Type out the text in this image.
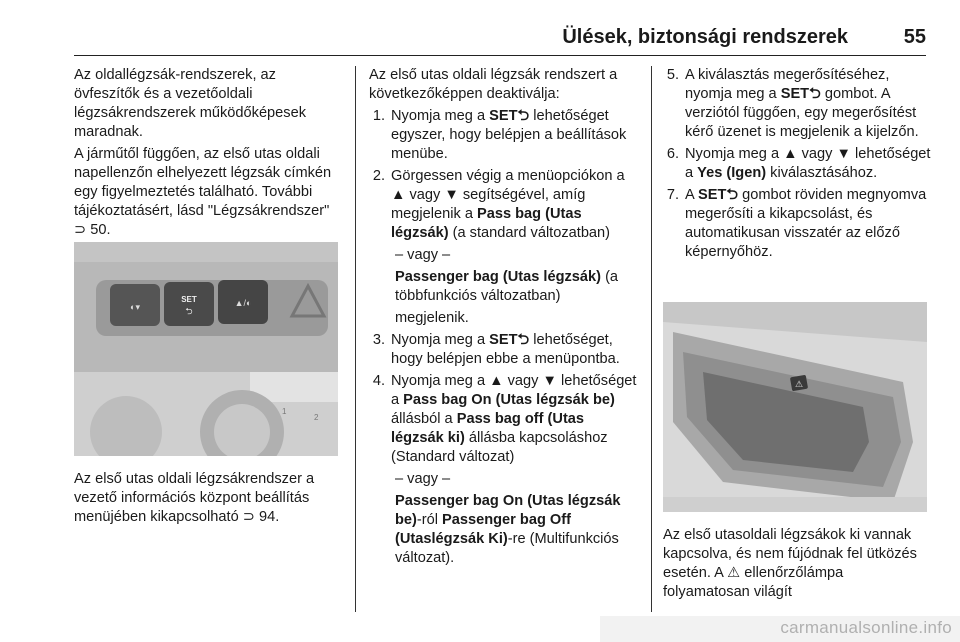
Ülések, biztonsági rendszerek	55

Az oldallégzsák-rendszerek, az övfeszítők és a vezetőoldali légzsákrendszerek működőképesek maradnak.

A járműtől függően, az első utas oldali napellenzőn elhelyezett légzsák címkén egy figyelmeztetés található. További tájékoztatásért, lásd "Légzsákrendszer" ⊃ 50.

◐▾
SET
⮌
▲/◐
1
2
Az első utas oldali légzsákrendszer a vezető információs központ beállítás menüjében kikapcsolható ⊃ 94.

Az első utas oldali légzsák rendszert a következőképpen deaktiválja:

1. Nyomja meg a SET⮌ lehetőséget egyszer, hogy belépjen a beállítások menübe.
2. Görgessen végig a menüopciókon a ▲ vagy ▼ segítségével, amíg megjelenik a Pass bag (Utas légzsák) (a standard változatban)

– vagy –

Passenger bag (Utas légzsák) (a többfunkciós változatban)

megjelenik.

3. Nyomja meg a SET⮌ lehetőséget, hogy belépjen ebbe a menüpontba.
4. Nyomja meg a ▲ vagy ▼ lehetőséget a Pass bag On (Utas légzsák be) állásból a Pass bag off (Utas légzsák ki) állásba kapcsoláshoz (Standard változat)

– vagy –

Passenger bag On (Utas légzsák be)-ról Passenger bag Off (Utaslégzsák Ki)-re (Multifunkciós változat).

5. A kiválasztás megerősítéséhez, nyomja meg a SET⮌ gombot. A verziótól függően, egy megerősítést kérő üzenet is megjelenik a kijelzőn.
6. Nyomja meg a ▲ vagy ▼ lehetőséget a Yes (Igen) kiválasztásához.
7. A SET⮌ gombot röviden megnyomva megerősíti a kikapcsolást, és automatikusan visszatér az előző képernyőhöz.
⚠
Az első utasoldali légzsákok ki vannak kapcsolva, és nem fújódnak fel ütközés esetén. A ⚠ ellenőrzőlámpa folyamatosan világít
carmanualsonline.info
